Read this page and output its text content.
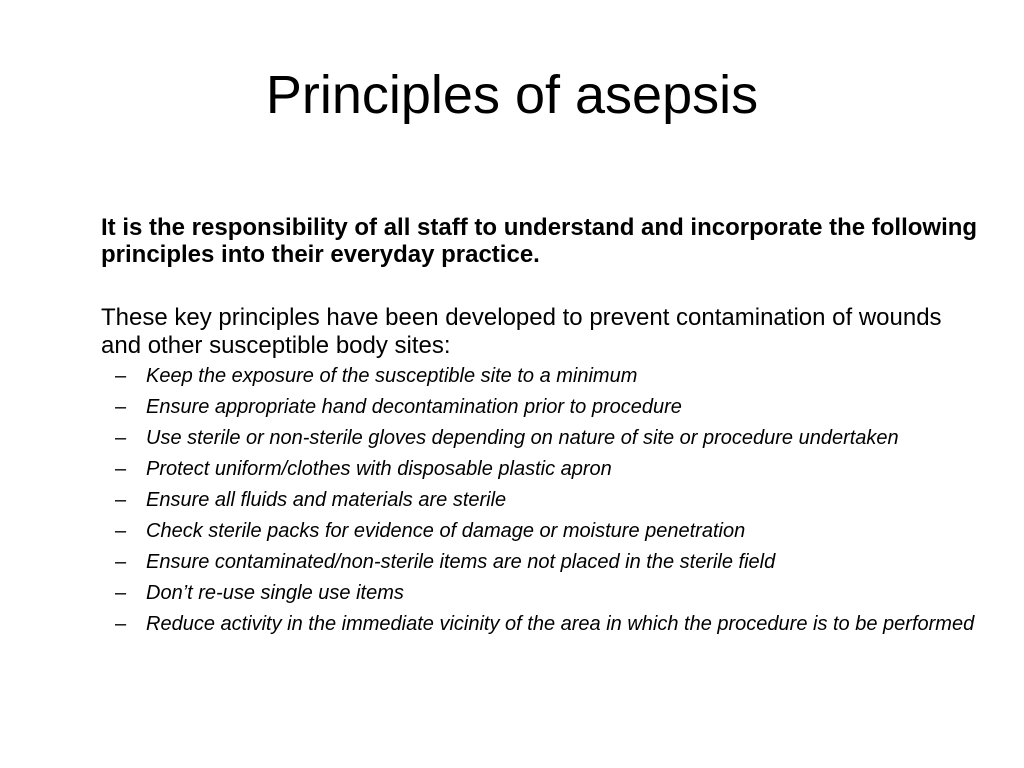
Principles of asepsis

It is the responsibility of all staff to understand and incorporate the following principles into their everyday practice.

These key principles have been developed to prevent contamination of wounds and other susceptible body sites:

– Keep the exposure of the susceptible site to a minimum
– Ensure appropriate hand decontamination prior to procedure
– Use sterile or non-sterile gloves depending on nature of site or procedure undertaken
– Protect uniform/clothes with disposable plastic apron
– Ensure all fluids and materials are sterile
– Check sterile packs for evidence of damage or moisture penetration
– Ensure contaminated/non-sterile items are not placed in the sterile field
– Don’t re-use single use items
– Reduce activity in the immediate vicinity of the area in which the procedure is to be performed
